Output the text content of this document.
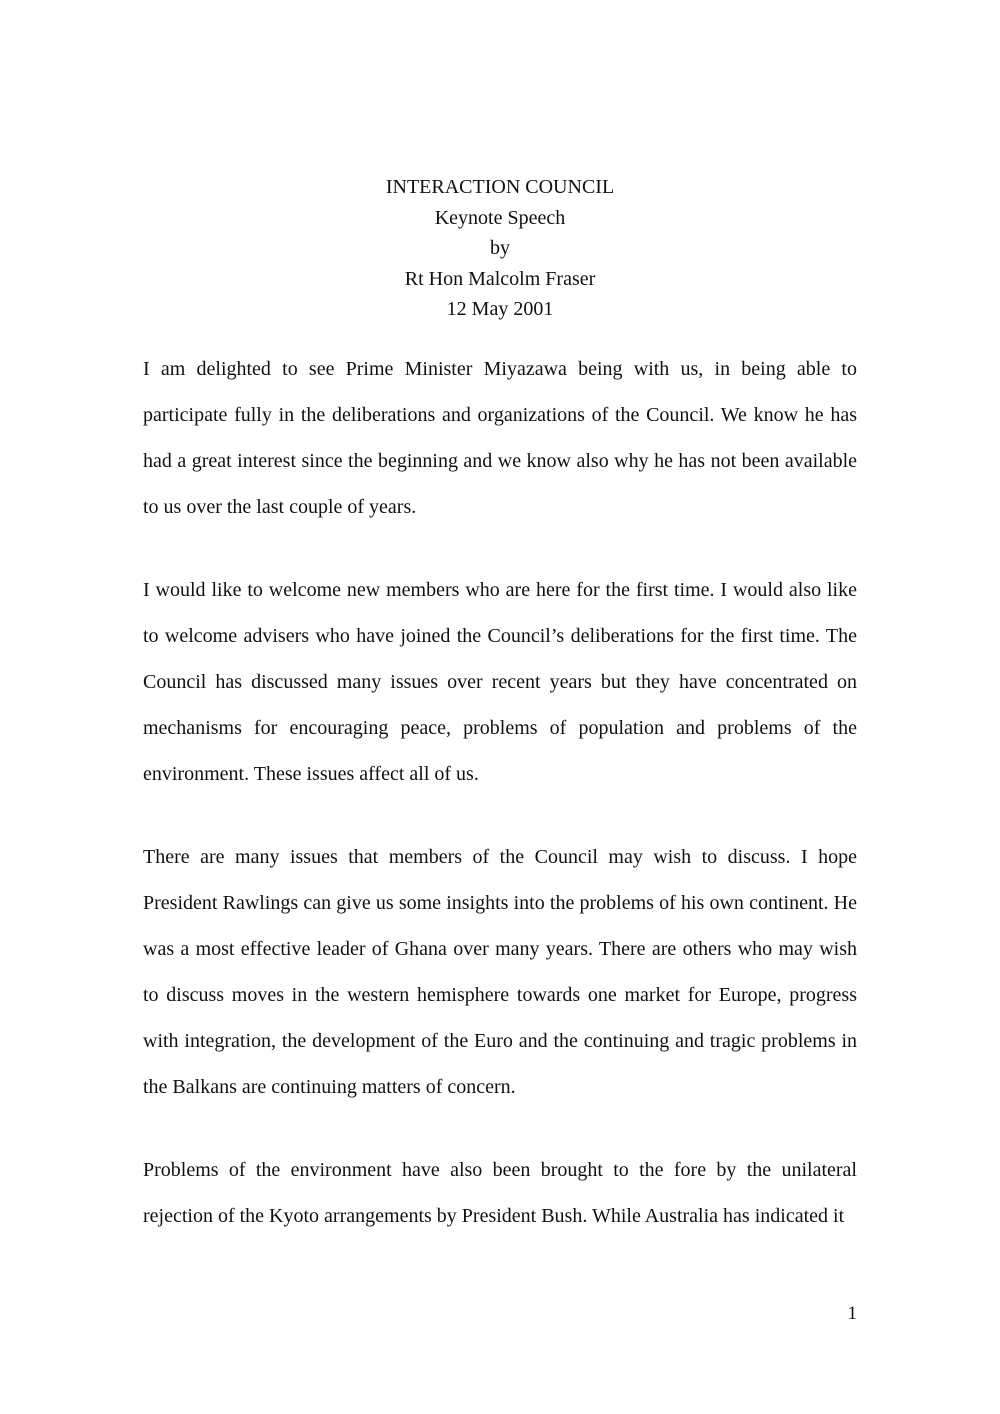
INTERACTION COUNCIL
Keynote Speech
by
Rt Hon Malcolm Fraser
12 May 2001

I am delighted to see Prime Minister Miyazawa being with us, in being able to participate fully in the deliberations and organizations of the Council. We know he has had a great interest since the beginning and we know also why he has not been available to us over the last couple of years.

I would like to welcome new members who are here for the first time. I would also like to welcome advisers who have joined the Council’s deliberations for the first time. The Council has discussed many issues over recent years but they have concentrated on mechanisms for encouraging peace, problems of population and problems of the environment. These issues affect all of us.

There are many issues that members of the Council may wish to discuss. I hope President Rawlings can give us some insights into the problems of his own continent. He was a most effective leader of Ghana over many years. There are others who may wish to discuss moves in the western hemisphere towards one market for Europe, progress with integration, the development of the Euro and the continuing and tragic problems in the Balkans are continuing matters of concern.

Problems of the environment have also been brought to the fore by the unilateral rejection of the Kyoto arrangements by President Bush. While Australia has indicated it

1
